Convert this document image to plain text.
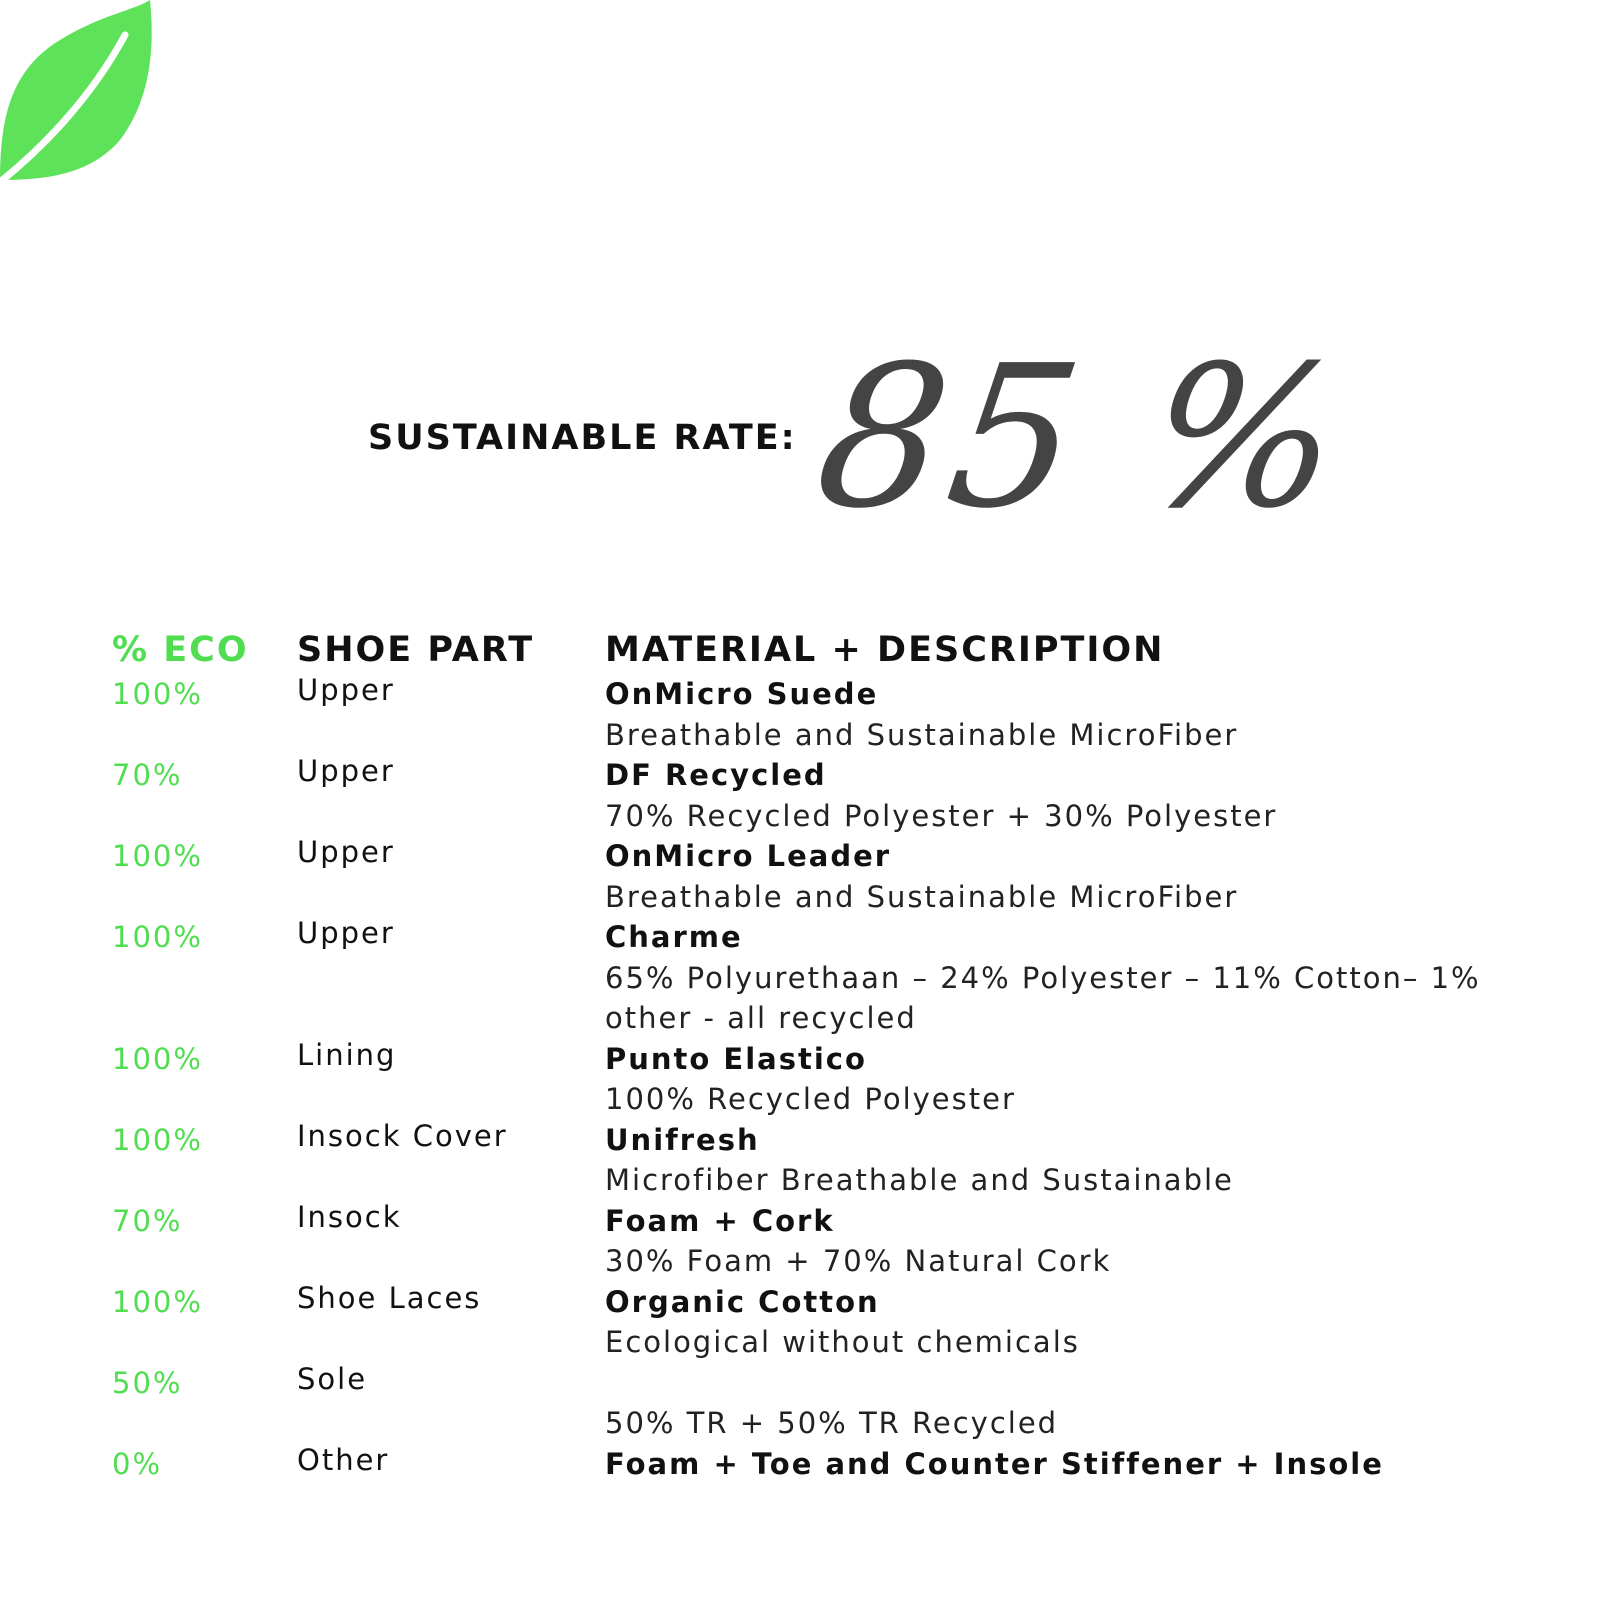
SUSTAINABLE RATE: 85 %
% ECO SHOE PART MATERIAL + DESCRIPTION
100%	Upper	OnMicro Suede
Breathable and Sustainable MicroFiber
70%	Upper	DF Recycled
70% Recycled Polyester + 30% Polyester
100%	Upper	OnMicro Leader
Breathable and Sustainable MicroFiber
100%	Upper	Charme
65% Polyurethaan – 24% Polyester – 11% Cotton– 1% other - all recycled
100%	Lining	Punto Elastico
100% Recycled Polyester
100%	Insock Cover	Unifresh
Microfiber Breathable and Sustainable
70%	Insock	Foam + Cork
30% Foam + 70% Natural Cork
100%	Shoe Laces	Organic Cotton
Ecological without chemicals
50%	Sole
50% TR + 50% TR Recycled
0%	Other	Foam + Toe and Counter Stiffener + Insole
